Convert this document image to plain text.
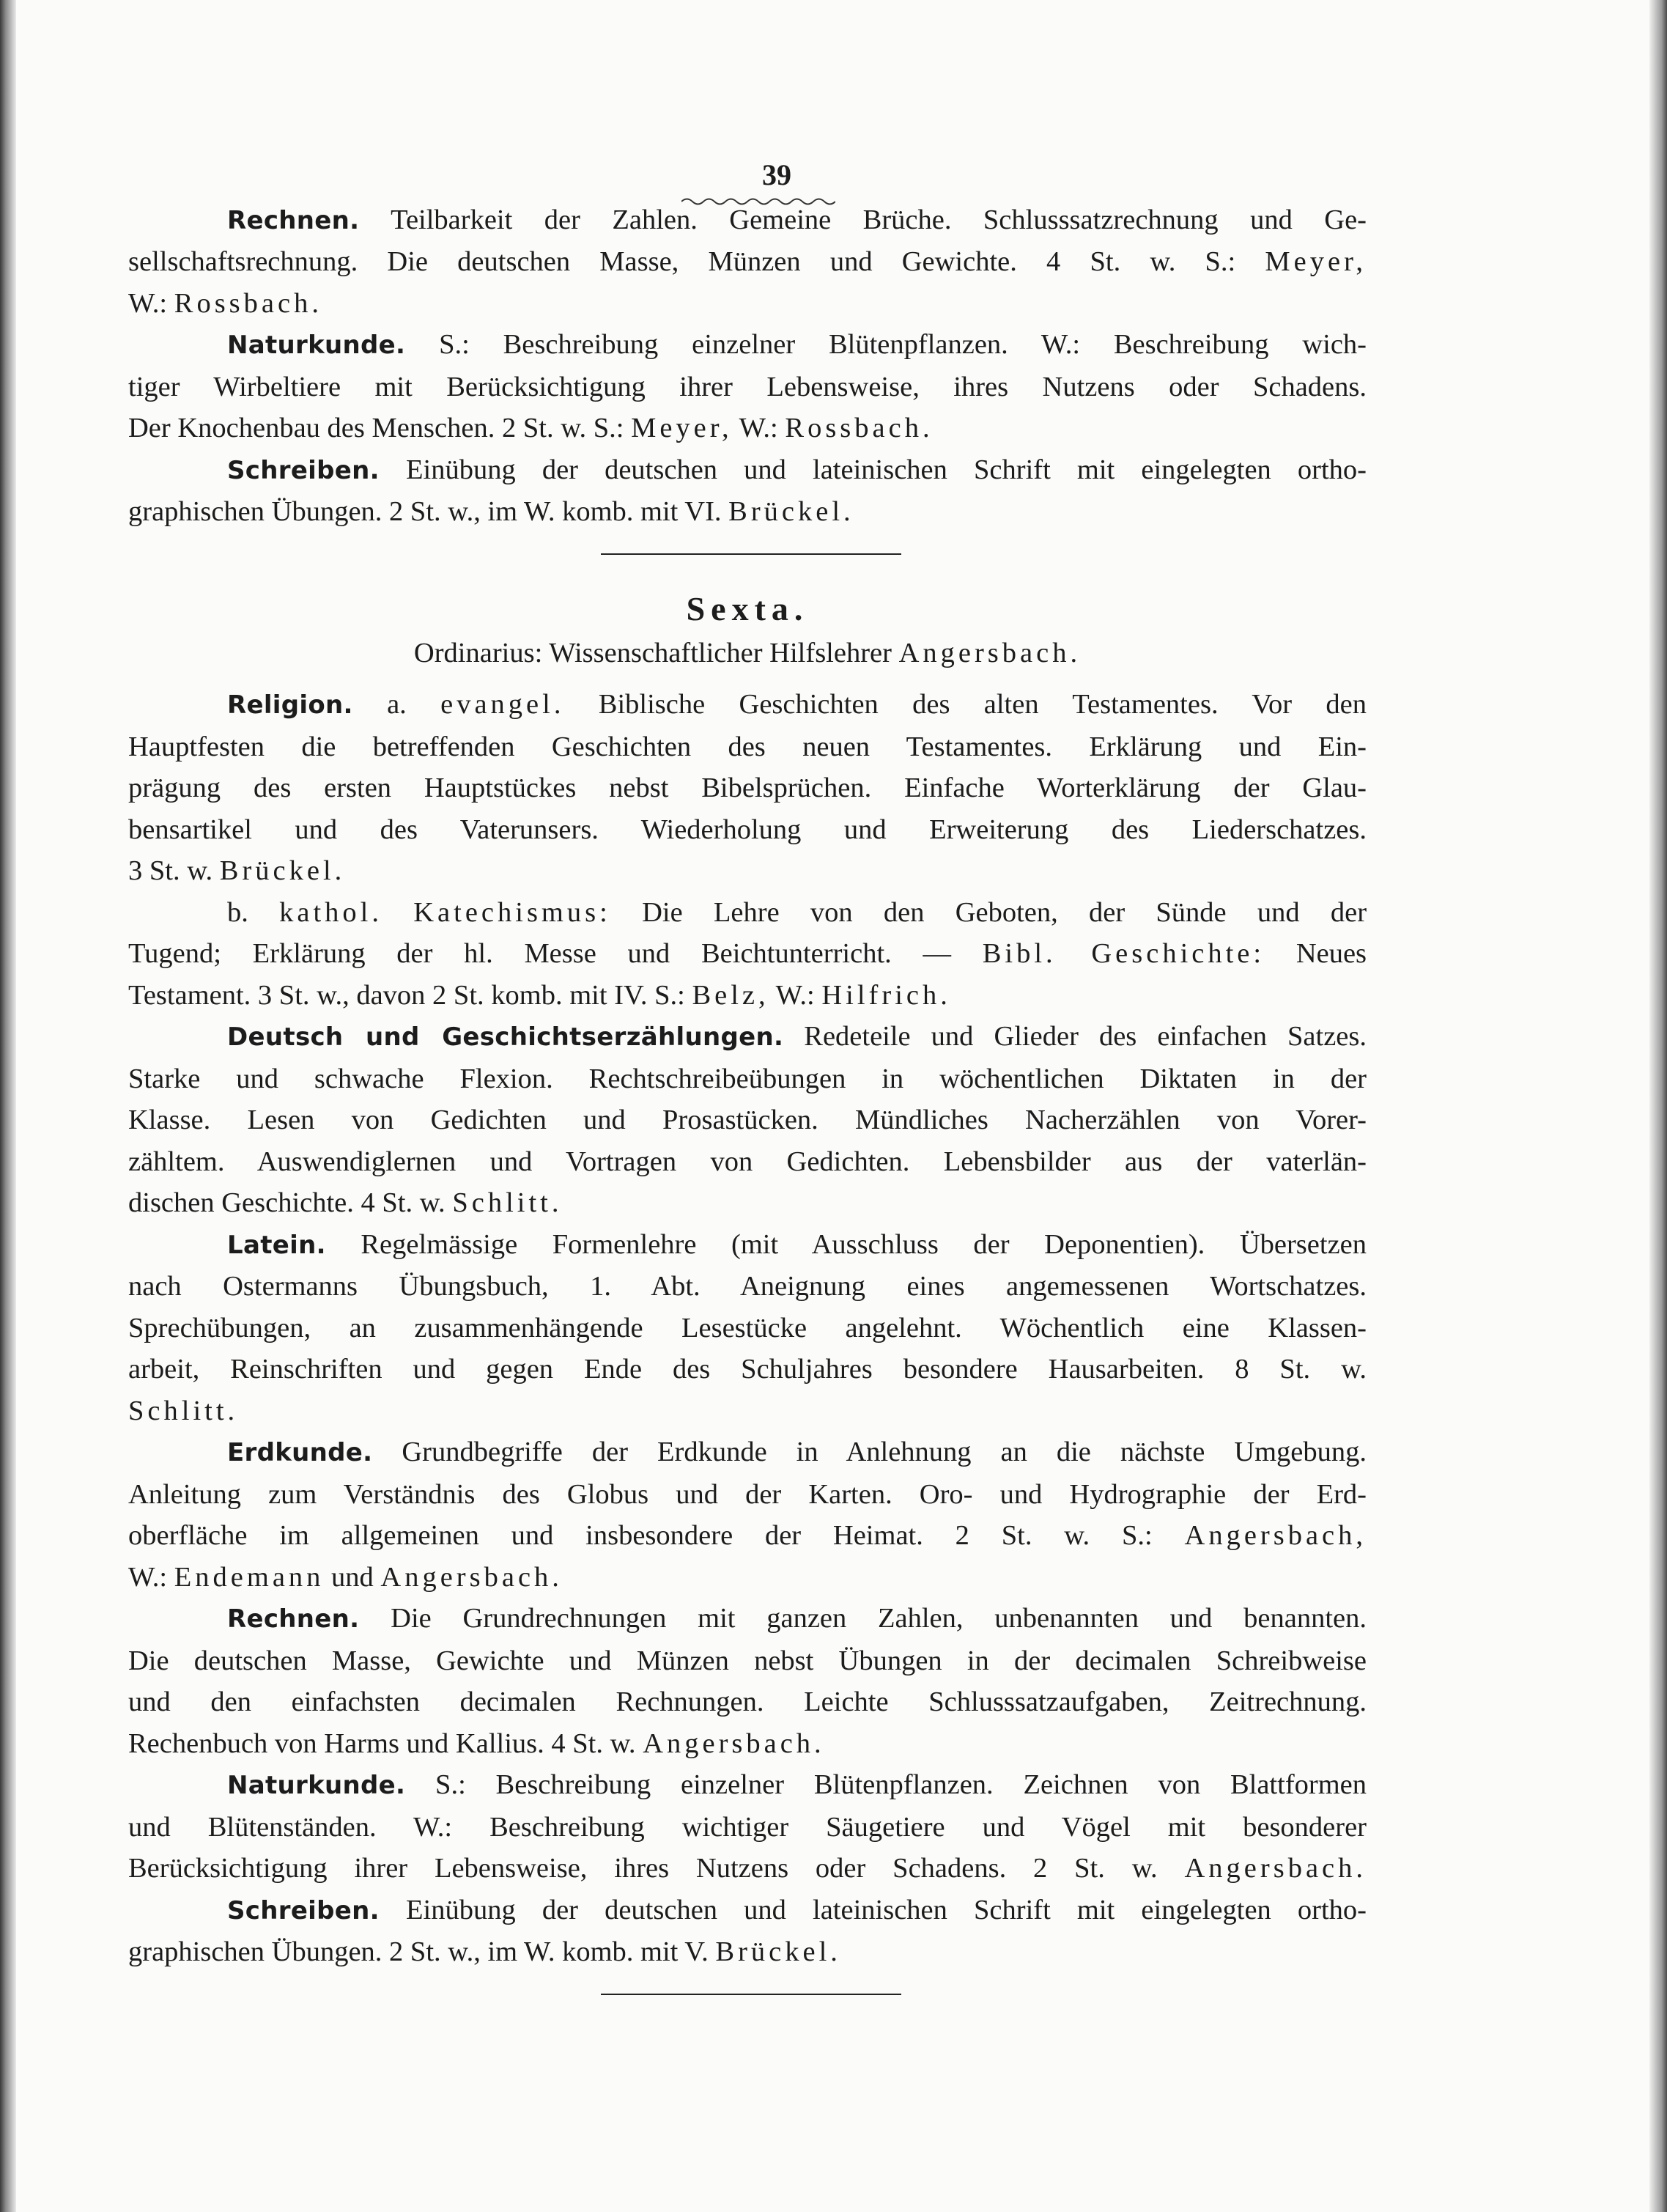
39
Rechnen. Teilbarkeit der Zahlen. Gemeine Brüche. Schlusssatzrechnung und Ge-
sellschaftsrechnung. Die deutschen Masse, Münzen und Gewichte. 4 St. w. S.: Meyer,
W.: Rossbach.
Naturkunde. S.: Beschreibung einzelner Blütenpflanzen. W.: Beschreibung wich-
tiger Wirbeltiere mit Berücksichtigung ihrer Lebensweise, ihres Nutzens oder Schadens.
Der Knochenbau des Menschen. 2 St. w. S.: Meyer, W.: Rossbach.
Schreiben. Einübung der deutschen und lateinischen Schrift mit eingelegten ortho-
graphischen Übungen. 2 St. w., im W. komb. mit VI. Brückel.
Sexta.
Ordinarius: Wissenschaftlicher Hilfslehrer Angersbach.
Religion. a. evangel. Biblische Geschichten des alten Testamentes. Vor den
Hauptfesten die betreffenden Geschichten des neuen Testamentes. Erklärung und Ein-
prägung des ersten Hauptstückes nebst Bibelsprüchen. Einfache Worterklärung der Glau-
bensartikel und des Vaterunsers. Wiederholung und Erweiterung des Liederschatzes.
3 St. w. Brückel.
b. kathol. Katechismus: Die Lehre von den Geboten, der Sünde und der
Tugend; Erklärung der hl. Messe und Beichtunterricht. — Bibl. Geschichte: Neues
Testament. 3 St. w., davon 2 St. komb. mit IV. S.: Belz, W.: Hilfrich.
Deutsch und Geschichtserzählungen. Redeteile und Glieder des einfachen Satzes.
Starke und schwache Flexion. Rechtschreibeübungen in wöchentlichen Diktaten in der
Klasse. Lesen von Gedichten und Prosastücken. Mündliches Nacherzählen von Vorer-
zähltem. Auswendiglernen und Vortragen von Gedichten. Lebensbilder aus der vaterlän-
dischen Geschichte. 4 St. w. Schlitt.
Latein. Regelmässige Formenlehre (mit Ausschluss der Deponentien). Übersetzen
nach Ostermanns Übungsbuch, 1. Abt. Aneignung eines angemessenen Wortschatzes.
Sprechübungen, an zusammenhängende Lesestücke angelehnt. Wöchentlich eine Klassen-
arbeit, Reinschriften und gegen Ende des Schuljahres besondere Hausarbeiten. 8 St. w.
Schlitt.
Erdkunde. Grundbegriffe der Erdkunde in Anlehnung an die nächste Umgebung.
Anleitung zum Verständnis des Globus und der Karten. Oro- und Hydrographie der Erd-
oberfläche im allgemeinen und insbesondere der Heimat. 2 St. w. S.: Angersbach,
W.: Endemann und Angersbach.
Rechnen. Die Grundrechnungen mit ganzen Zahlen, unbenannten und benannten.
Die deutschen Masse, Gewichte und Münzen nebst Übungen in der decimalen Schreibweise
und den einfachsten decimalen Rechnungen. Leichte Schlusssatzaufgaben, Zeitrechnung.
Rechenbuch von Harms und Kallius. 4 St. w. Angersbach.
Naturkunde. S.: Beschreibung einzelner Blütenpflanzen. Zeichnen von Blattformen
und Blütenständen. W.: Beschreibung wichtiger Säugetiere und Vögel mit besonderer
Berücksichtigung ihrer Lebensweise, ihres Nutzens oder Schadens. 2 St. w. Angersbach.
Schreiben. Einübung der deutschen und lateinischen Schrift mit eingelegten ortho-
graphischen Übungen. 2 St. w., im W. komb. mit V. Brückel.
